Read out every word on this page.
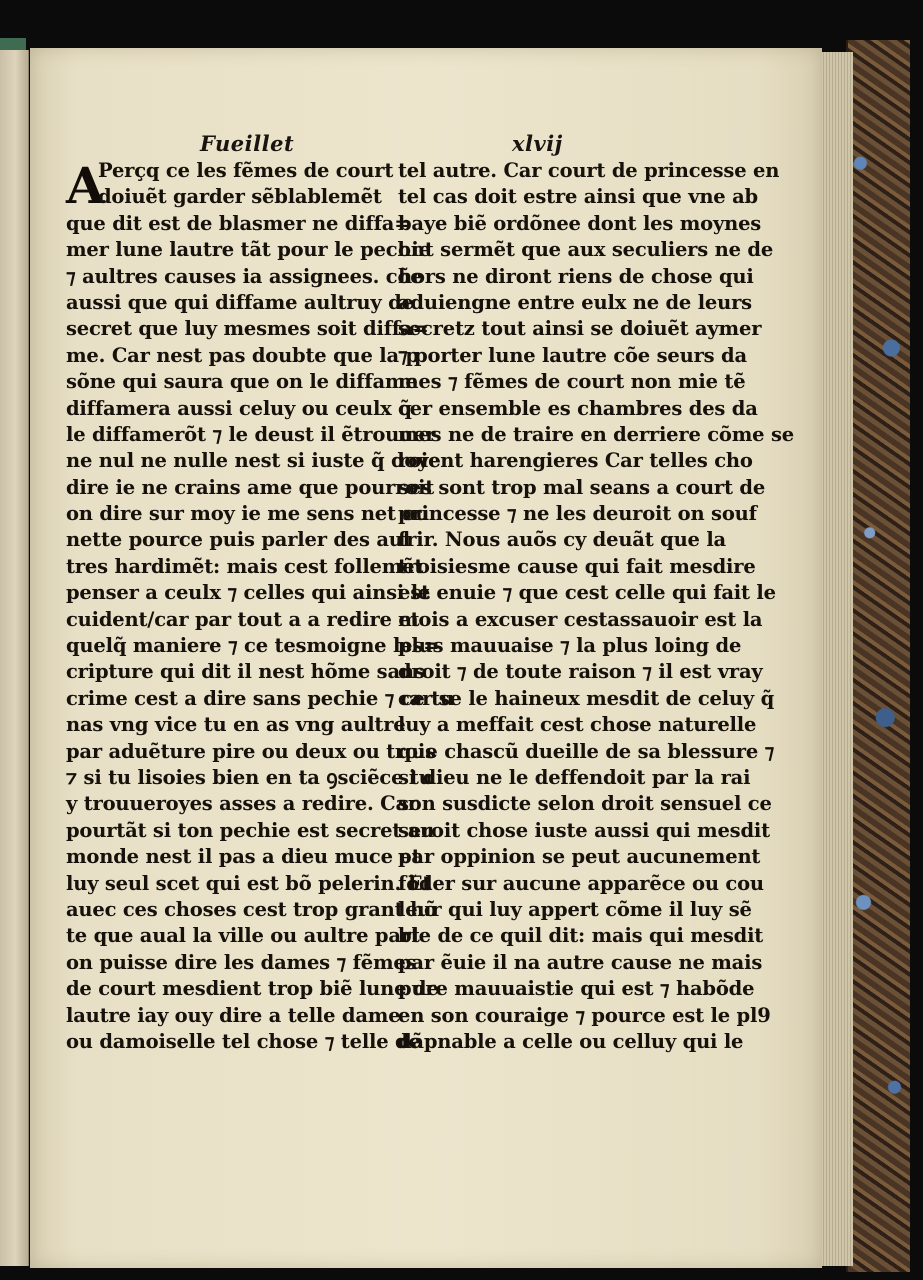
Fueillet	xlvij
A
Perçq ce les fẽmes de court
doiuẽt garder sẽblablemẽt
que dit est de blasmer ne diffa=
mer lune lautre tãt pour le pechie
⁊ aultres causes ia assignees. cõe
aussi que qui diffame aultruy de
secret que luy mesmes soit diffa=
me. Car nest pas doubte que la p
sõne qui saura que on le diffame
diffamera aussi celuy ou ceulx q̃
le diffamerõt ⁊ le deust il ẽtrouuer
ne nul ne nulle nest si iuste q̃ doye
dire ie ne crains ame que pourroit
on dire sur moy ie me sens net ou
nette pource puis parler des aul
tres hardimẽt: mais cest follemẽt
penser a ceulx ⁊ celles qui ainsi le
cuident/car par tout a a redire et
quelq̃ maniere ⁊ ce tesmoigne les=
cripture qui dit il nest hõme sans
crime cest a dire sans pechie ⁊ ce tu
nas vng vice tu en as vng aultre
par aduẽture pire ou deux ou trois
⁊ si tu lisoies bien en ta ꝯsciẽce tu
y trouueroyes asses a redire. Car
pourtãt si ton pechie est secret au
monde nest il pas a dieu muce et
luy seul scet qui est bõ pelerin. Et
auec ces choses cest trop grant hõ
te que aual la ville ou aultre part
on puisse dire les dames ⁊ fẽmes
de court mesdient trop biẽ lune de
lautre iay ouy dire a telle dame
ou damoiselle tel chose ⁊ telle de
tel autre. Car court de princesse en
tel cas doit estre ainsi que vne ab
baye biẽ ordõnee dont les moynes
ont sermẽt que aux seculiers ne de
hors ne diront riens de chose qui
aduiengne entre eulx ne de leurs
secretz tout ainsi se doiuẽt aymer
⁊ porter lune lautre cõe seurs da
mes ⁊ fẽmes de court non mie tẽ
cer ensemble es chambres des da
mes ne de traire en derriere cõme se
roient harengieres Car telles cho
ses sont trop mal seans a court de
princesse ⁊ ne les deuroit on souf
frir. Nous auõs cy deuãt que la
troisiesme cause qui fait mesdire
est enuie ⁊ que cest celle qui fait le
mois a excuser cestassauoir est la
plus mauuaise ⁊ la plus loing de
droit ⁊ de toute raison ⁊ il est vray
car se le haineux mesdit de celuy q̃
luy a meffait cest chose naturelle
que chascũ dueille de sa blessure ⁊
si dieu ne le deffendoit par la rai
son susdicte selon droit sensuel ce
seroit chose iuste aussi qui mesdit
par oppinion se peut aucunement
fõder sur aucune apparẽce ou cou
leur qui luy appert cõme il luy sẽ
ble de ce quil dit: mais qui mesdit
par ẽuie il na autre cause ne mais
pure mauuaistie qui est ⁊ habõde
en son couraige ⁊ pource est le pl9
dãpnable a celle ou celluy qui le
